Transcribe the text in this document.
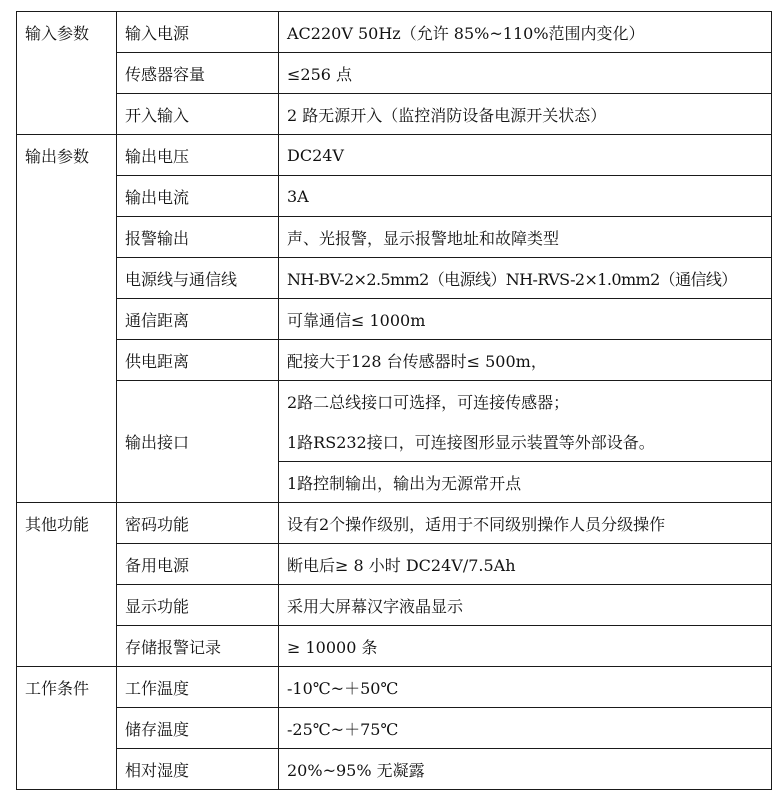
输入参数	输入电源	AC220V 50Hz（允许 85%~110%范围内变化）
	传感器容量	≤256 点
	开入输入	2 路无源开入（监控消防设备电源开关状态）
输出参数	输出电压	DC24V
	输出电流	3A
	报警输出	声、光报警，显示报警地址和故障类型
	电源线与通信线	NH-BV-2×2.5mm2（电源线）NH-RVS-2×1.0mm2（通信线）
	通信距离	可靠通信≤ 1000m
	供电距离	配接大于128 台传感器时≤ 500m，
	输出接口	2路二总线接口可选择，可连接传感器；
		1路RS232接口，可连接图形显示装置等外部设备。
		1路控制输出，输出为无源常开点
其他功能	密码功能	设有2个操作级别，适用于不同级别操作人员分级操作
	备用电源	断电后≥ 8 小时 DC24V/7.5Ah
	显示功能	采用大屏幕汉字液晶显示
	存储报警记录	≥ 10000 条
工作条件	工作温度	-10℃~＋50℃
	储存温度	-25℃~＋75℃
	相对湿度	20%~95% 无凝露
